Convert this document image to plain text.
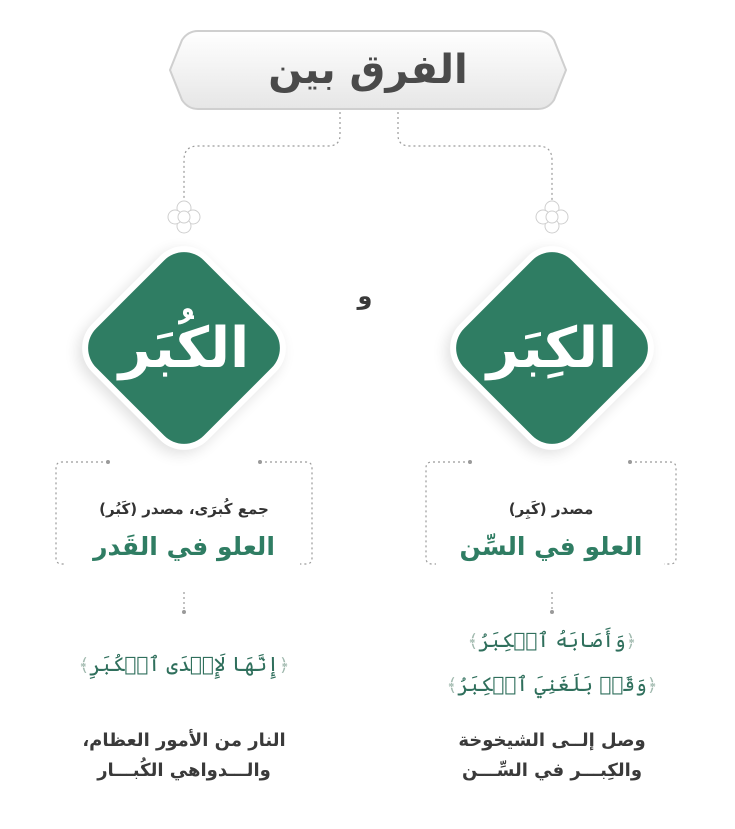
الفرق بين
الكُبَر	الكِبَر
و
جمع كُبرَى، مصدر (كَبُر)
العلو في القَدر
مصدر (كَبِر)
العلو في السِّن
﴿إِنَّهَا لَإِحۡدَى ٱلۡكُبَرِ﴾
﴿وَأَصَابَهُ ٱلۡكِبَرُ﴾
﴿وَقَدۡ بَلَغَنِيَ ٱلۡكِبَرُ﴾
النار من الأمور العظام،
والـــدواهي الكُبـــار
وصل إلــى الشيخوخة
والكِبـــر في السِّـــن
